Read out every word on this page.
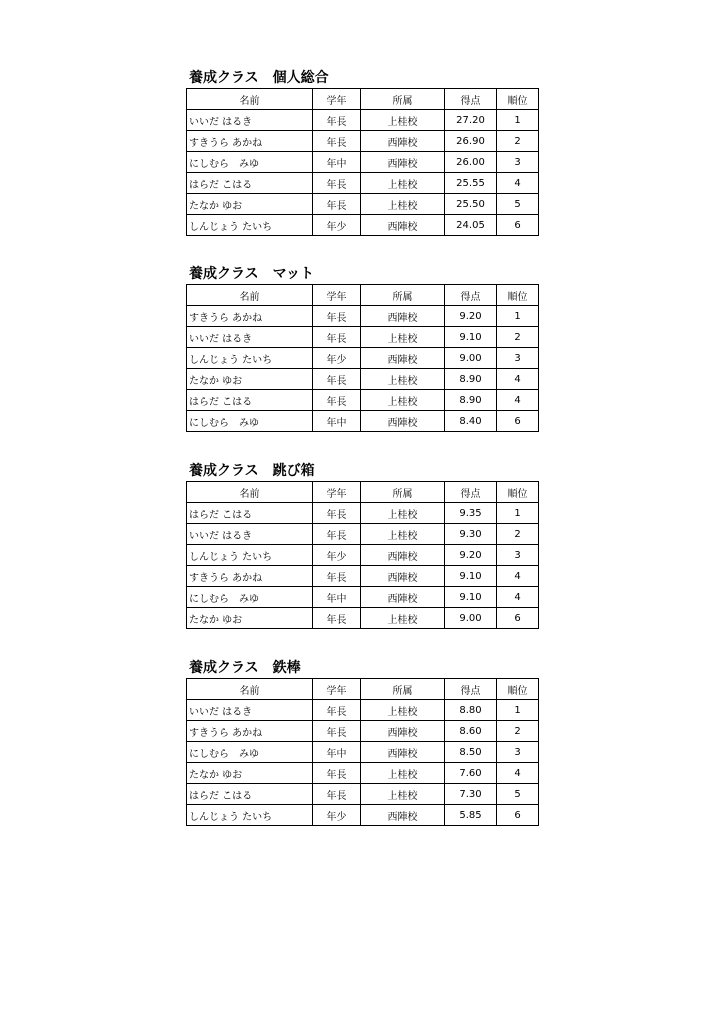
養成クラス　個人総合
名前	学年	所属	得点	順位
いいだ はるき	年長	上桂校	27.20	1
すきうら あかね	年長	西陣校	26.90	2
にしむら　みゆ	年中	西陣校	26.00	3
はらだ こはる	年長	上桂校	25.55	4
たなか ゆお	年長	上桂校	25.50	5
しんじょう たいち	年少	西陣校	24.05	6
養成クラス　マット
名前	学年	所属	得点	順位
すきうら あかね	年長	西陣校	9.20	1
いいだ はるき	年長	上桂校	9.10	2
しんじょう たいち	年少	西陣校	9.00	3
たなか ゆお	年長	上桂校	8.90	4
はらだ こはる	年長	上桂校	8.90	4
にしむら　みゆ	年中	西陣校	8.40	6
養成クラス　跳び箱
名前	学年	所属	得点	順位
はらだ こはる	年長	上桂校	9.35	1
いいだ はるき	年長	上桂校	9.30	2
しんじょう たいち	年少	西陣校	9.20	3
すきうら あかね	年長	西陣校	9.10	4
にしむら　みゆ	年中	西陣校	9.10	4
たなか ゆお	年長	上桂校	9.00	6
養成クラス　鉄棒
名前	学年	所属	得点	順位
いいだ はるき	年長	上桂校	8.80	1
すきうら あかね	年長	西陣校	8.60	2
にしむら　みゆ	年中	西陣校	8.50	3
たなか ゆお	年長	上桂校	7.60	4
はらだ こはる	年長	上桂校	7.30	5
しんじょう たいち	年少	西陣校	5.85	6
